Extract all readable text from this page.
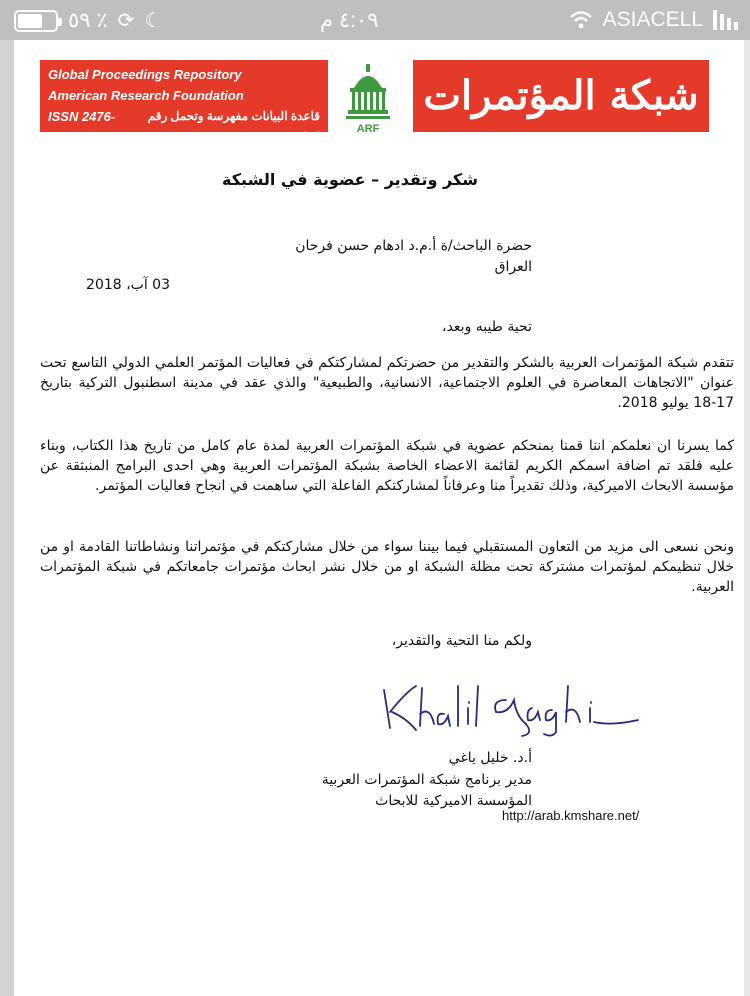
٥٩ ٪ ⟳ ☾	٤:٠٩ م	ASIACELL
Global Proceedings Repository
American Research Foundation
ISSN 2476-017X
قاعدة البيانات مفهرسة وتحمل رقم ايداع
ARF
شبكة المؤتمرات العربية
شكر وتقدير – عضوية في الشبكة
حضرة الباحث/ة أ.م.د ادهام حسن فرحان
العراق
03 آب، 2018
تحية طيبه وبعد،
تتقدم شبكة المؤتمرات العربية بالشكر والتقدير من حضرتكم لمشاركتكم في فعاليات المؤتمر العلمي الدولي التاسع تحت عنوان "الاتجاهات المعاصرة في العلوم الاجتماعية، الانسانية، والطبيعية" والذي عقد في مدينة اسطنبول التركية بتاريخ 17-18 يوليو 2018.
كما يسرنا ان نعلمكم اننا قمنا بمنحكم عضوية في شبكة المؤتمرات العربية لمدة عام كامل من تاريخ هذا الكتاب، وبناء عليه فلقد تم اضافة اسمكم الكريم لقائمة الاعضاء الخاصة بشبكة المؤتمرات العربية وهي احدى البرامج المنبثقة عن مؤسسة الابحاث الاميركية، وذلك تقديراً منا وعرفاناً لمشاركتكم الفاعلة التي ساهمت في انجاح فعاليات المؤتمر.
ونحن نسعى الى مزيد من التعاون المستقبلي فيما بيننا سواء من خلال مشاركتكم في مؤتمراتنا ونشاطاتنا القادمة او من خلال تنظيمكم لمؤتمرات مشتركة تحت مظلة الشبكة او من خلال نشر ابحاث مؤتمرات جامعاتكم في شبكة المؤتمرات العربية.
ولكم منا التحية والتقدير،
أ.د. خليل ياغي
مدير برنامج شبكة المؤتمرات العربية
المؤسسة الاميركية للابحاث
http://arab.kmshare.net/
